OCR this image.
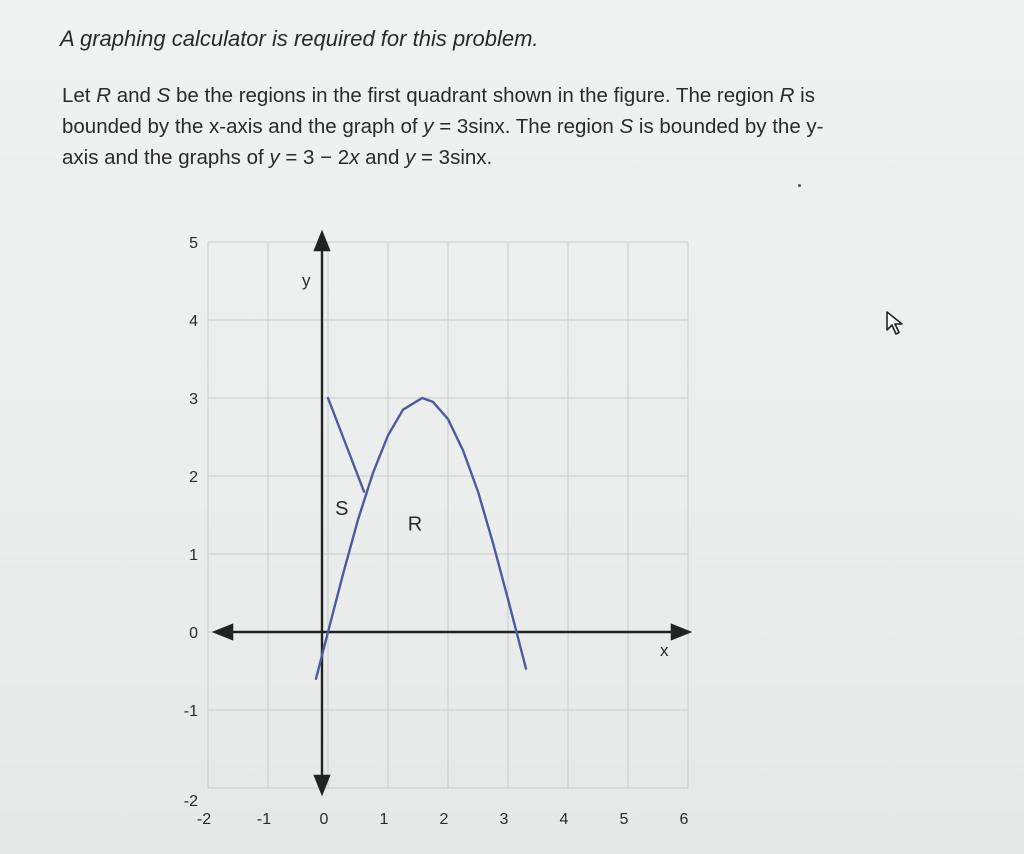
A graphing calculator is required for this problem.
Let R and S be the regions in the first quadrant shown in the figure. The region R is
bounded by the x-axis and the graph of y = 3sinx. The region S is bounded by the y-
axis and the graphs of y = 3 − 2x and y = 3sinx.
-2	-1	0	1	2	3	4	5	6
5
4
3
2
1
0
-1
-2
x
y
S
R
